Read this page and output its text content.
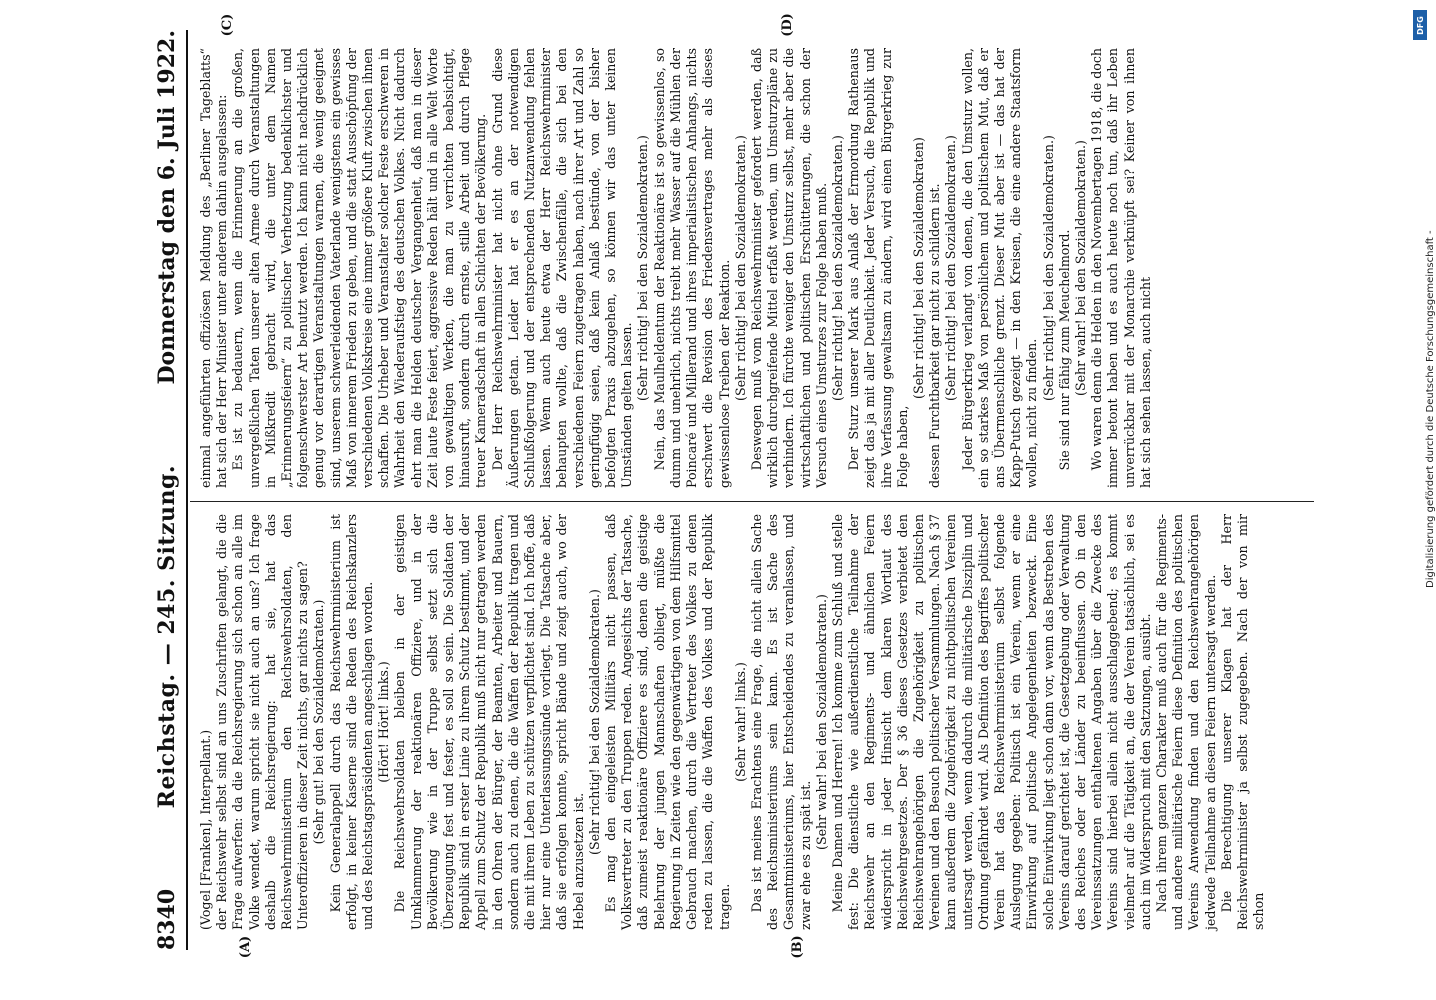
8340
Reichstag. — 245. Sitzung.
Donnerstag den 6. Juli 1922.
(A)	(B)
(C)	(D)

(Vogel [Franken], Interpellant.) der Reichswehr selbst sind an uns Zuschriften gelangt, die die Frage aufwerfen: da die Reichsregierung sich schon an alle im Volke wendet, warum spricht sie nicht auch an uns? Ich frage deshalb die Reichsregierung: hat sie, hat das Reichswehrministerium den Reichswehrsoldaten, den Unteroffizieren in dieser Zeit nichts, gar nichts zu sagen? (Sehr gut! bei den Sozialdemokraten.) Kein Generalappell durch das Reichswehrministerium ist erfolgt, in keiner Kaserne sind die Reden des Reichskanzlers und des Reichstagspräsidenten angeschlagen worden. (Hört! Hört! links.) Die Reichswehrsoldaten bleiben in der geistigen Umklammerung der reaktionären Offiziere, und in der Bevölkerung wie in der Truppe selbst setzt sich die Überzeugung fest und fester, es soll so sein. Die Soldaten der Republik sind in erster Linie zu ihrem Schutz bestimmt, und der Appell zum Schutz der Republik muß nicht nur getragen werden in den Ohren der Bürger, der Beamten, Arbeiter und Bauern, sondern auch zu denen, die die Waffen der Republik tragen und die mit ihrem Leben zu schützen verpflichtet sind. Ich hoffe, daß hier nur eine Unterlassungssünde vorliegt. Die Tatsache aber, daß sie erfolgen konnte, spricht Bände und zeigt auch, wo der Hebel anzusetzen ist.

(Sehr richtig! bei den Sozialdemokraten.) Es mag den eingeleisten Militärs nicht passen, daß Volksvertreter zu den Truppen reden. Angesichts der Tatsache, daß zumeist reaktionäre Offiziere es sind, denen die geistige Belehrung der jungen Mannschaften obliegt, müßte die Regierung in Zeiten wie den gegenwärtigen von dem Hilfsmittel Gebrauch machen, durch die Vertreter des Volkes zu denen reden zu lassen, die die Waffen des Volkes und der Republik tragen.

(Sehr wahr! links.) Das ist meines Erachtens eine Frage, die nicht allein Sache des Reichsministeriums sein kann. Es ist Sache des Gesamtministeriums, hier Entscheidendes zu veranlassen, und zwar ehe es zu spät ist.

(Sehr wahr! bei den Sozialdemokraten.) Meine Damen und Herren! Ich komme zum Schluß und stelle fest: Die dienstliche wie außerdienstliche Teilnahme der Reichswehr an den Regiments- und ähnlichen Feiern widerspricht in jeder Hinsicht dem klaren Wortlaut des Reichswehrgesetzes. Der § 36 dieses Gesetzes verbietet den Reichswehrangehörigen die Zugehörigkeit zu politischen Vereinen und den Besuch politischer Versammlungen. Nach § 37 kann außerdem die Zugehörigkeit zu nichtpolitischen Vereinen untersagt werden, wenn dadurch die militärische Disziplin und Ordnung gefährdet wird. Als Definition des Begriffes politischer Verein hat das Reichswehrministerium selbst folgende Auslegung gegeben: Politisch ist ein Verein, wenn er eine Einwirkung auf politische Angelegenheiten bezweckt. Eine solche Einwirkung liegt schon dann vor, wenn das Bestreben des Vereins darauf gerichtet ist, die Gesetzgebung oder Verwaltung des Reiches oder der Länder zu beeinflussen. Ob in den Vereinssatzungen enthaltenen Angaben über die Zwecke des Vereins sind hierbei allein nicht ausschlaggebend; es kommt vielmehr auf die Tätigkeit an, die der Verein tatsächlich, sei es auch im Widerspruch mit den Satzungen, ausübt. Nach ihrem ganzen Charakter muß auch für die Regiments- und andere militärische Feiern diese Definition des politischen Vereins Anwendung finden und den Reichswehrangehörigen jedwede Teilnahme an diesen Feiern untersagt werden. Die Berechtigung unserer Klagen hat der Herr Reichswehrminister ja selbst zugegeben. Nach der von mir schon

einmal angeführten offiziösen Meldung des „Berliner Tageblatts“ hat sich der Herr Minister unter anderem dahin ausgelassen: Es ist zu bedauern, wenn die Erinnerung an die großen, unvergeßlichen Taten unserer alten Armee durch Veranstaltungen in Mißkredit gebracht wird, die unter dem Namen „Erinnerungsfeiern“ zu politischer Verhetzung bedenklichster und folgenschwerster Art benutzt werden. Ich kann nicht nachdrücklich genug vor derartigen Veranstaltungen warnen, die wenig geeignet sind, unserem schwerleidenden Vaterlande wenigstens ein gewisses Maß von innerem Frieden zu geben, und die statt Ausschöpfung der verschiedenen Volkskreise eine immer größere Kluft zwischen ihnen schaffen. Die Urheber und Veranstalter solcher Feste erschweren in Wahrheit den Wiederaufstieg des deutschen Volkes. Nicht dadurch ehrt man die Helden deutscher Vergangenheit, daß man in dieser Zeit laute Feste feiert, aggressive Reden hält und in alle Welt Worte von gewaltigen Werken, die man zu verrichten beabsichtigt, hinausruft, sondern durch ernste, stille Arbeit und durch Pflege treuer Kameradschaft in allen Schichten der Bevölkerung. Der Herr Reichswehrminister hat nicht ohne Grund diese Äußerungen getan. Leider hat er es an der notwendigen Schlußfolgerung und der entsprechenden Nutzanwendung fehlen lassen. Wenn auch heute etwa der Herr Reichswehrminister behaupten wollte, daß die Zwischenfälle, die sich bei den verschiedenen Feiern zugetragen haben, nach ihrer Art und Zahl so geringfügig seien, daß kein Anlaß bestünde, von der bisher befolgten Praxis abzugehen, so können wir das unter keinen Umständen gelten lassen.

(Sehr richtig! bei den Sozialdemokraten.) Nein, das Maulheldentum der Reaktionäre ist so gewissenlos, so dumm und unehrlich, nichts treibt mehr Wasser auf die Mühlen der Poincaré und Millerand und ihres imperialistischen Anhangs, nichts erschwert die Revision des Friedensvertrages mehr als dieses gewissenlose Treiben der Reaktion. (Sehr richtig! bei den Sozialdemokraten.) Deswegen muß vom Reichswehrminister gefordert werden, daß wirklich durchgreifende Mittel erfaßt werden, um Umsturzpläne zu verhindern. Ich fürchte weniger den Umsturz selbst, mehr aber die wirtschaftlichen und politischen Erschütterungen, die schon der Versuch eines Umsturzes zur Folge haben muß. (Sehr richtig! bei den Sozialdemokraten.) Der Sturz unserer Mark aus Anlaß der Ermordung Rathenaus zeigt das ja mit aller Deutlichkeit. Jeder Versuch, die Republik und ihre Verfassung gewaltsam zu ändern, wird einen Bürgerkrieg zur Folge haben,

(Sehr richtig! bei den Sozialdemokraten) dessen Furchtbarkeit gar nicht zu schildern ist. (Sehr richtig! bei den Sozialdemokraten.) Jeder Bürgerkrieg verlangt von denen, die den Umsturz wollen, ein so starkes Maß von persönlichem und politischem Mut, daß er ans Übermenschliche grenzt. Dieser Mut aber ist — das hat der Kapp-Putsch gezeigt — in den Kreisen, die eine andere Staatsform wollen, nicht zu finden.

(Sehr richtig! bei den Sozialdemokraten.) Sie sind nur fähig zum Meuchelmord. (Sehr wahr! bei den Sozialdemokraten.) Wo waren denn die Helden in den Novembertagen 1918, die doch immer betont haben und es auch heute noch tun, daß ihr Leben unverrückbar mit der Monarchie verknüpft sei? Keiner von ihnen hat sich sehen lassen, auch nicht

DFG
Digitalisierung gefördert durch die Deutsche Forschungsgemeinschaft -
